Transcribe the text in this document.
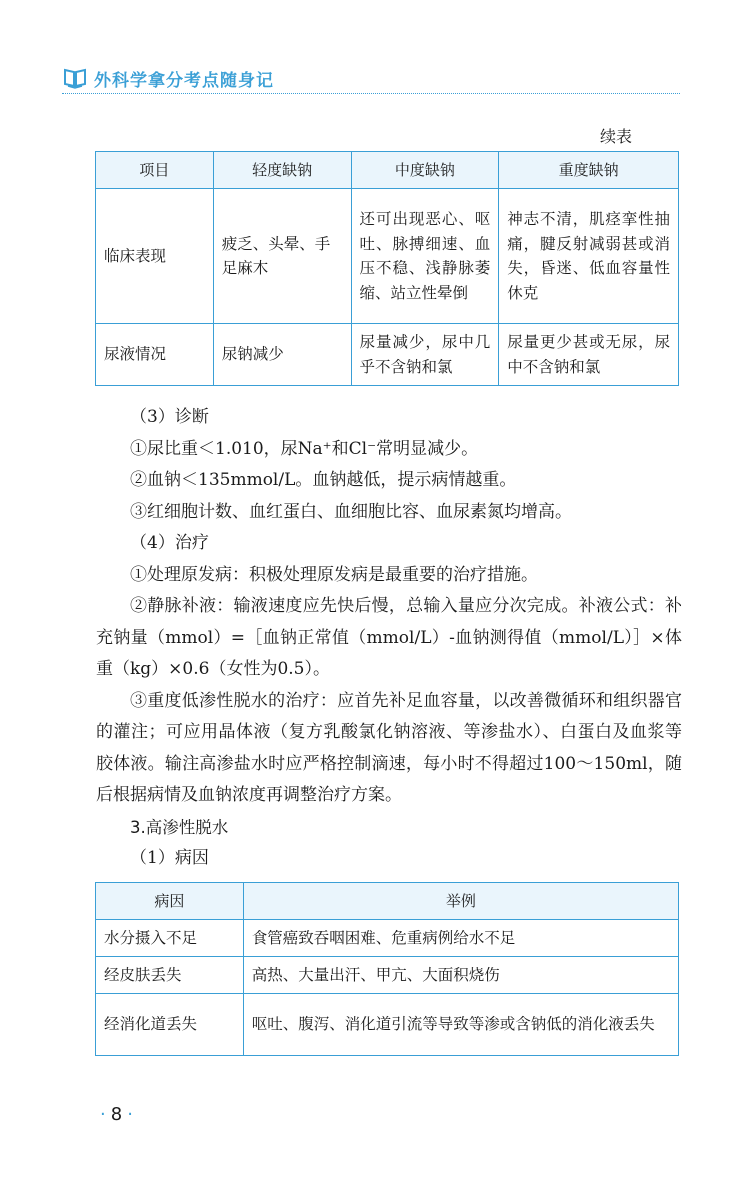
外科学拿分考点随身记
续表
项目	轻度缺钠	中度缺钠	重度缺钠
临床表现	疲乏、头晕、手足麻木	还可出现恶心、呕吐、脉搏细速、血压不稳、浅静脉萎缩、站立性晕倒	神志不清，肌痉挛性抽痛，腱反射减弱甚或消失，昏迷、低血容量性休克
尿液情况	尿钠减少	尿量减少，尿中几乎不含钠和氯	尿量更少甚或无尿，尿中不含钠和氯

（3）诊断

①尿比重＜1.010，尿Na⁺和Cl⁻常明显减少。

②血钠＜135mmol/L。血钠越低，提示病情越重。

③红细胞计数、血红蛋白、血细胞比容、血尿素氮均增高。

（4）治疗

①处理原发病：积极处理原发病是最重要的治疗措施。

②静脉补液：输液速度应先快后慢，总输入量应分次完成。补液公式：补充钠量（mmol）=［血钠正常值（mmol/L）-血钠测得值（mmol/L）］×体重（kg）×0.6（女性为0.5）。

③重度低渗性脱水的治疗：应首先补足血容量，以改善微循环和组织器官的灌注；可应用晶体液（复方乳酸氯化钠溶液、等渗盐水）、白蛋白及血浆等胶体液。输注高渗盐水时应严格控制滴速，每小时不得超过100～150ml，随后根据病情及血钠浓度再调整治疗方案。

3.高渗性脱水

（1）病因

病因	举例
水分摄入不足	食管癌致吞咽困难、危重病例给水不足
经皮肤丢失	高热、大量出汗、甲亢、大面积烧伤
经消化道丢失	呕吐、腹泻、消化道引流等导致等渗或含钠低的消化液丢失
· 8 ·
